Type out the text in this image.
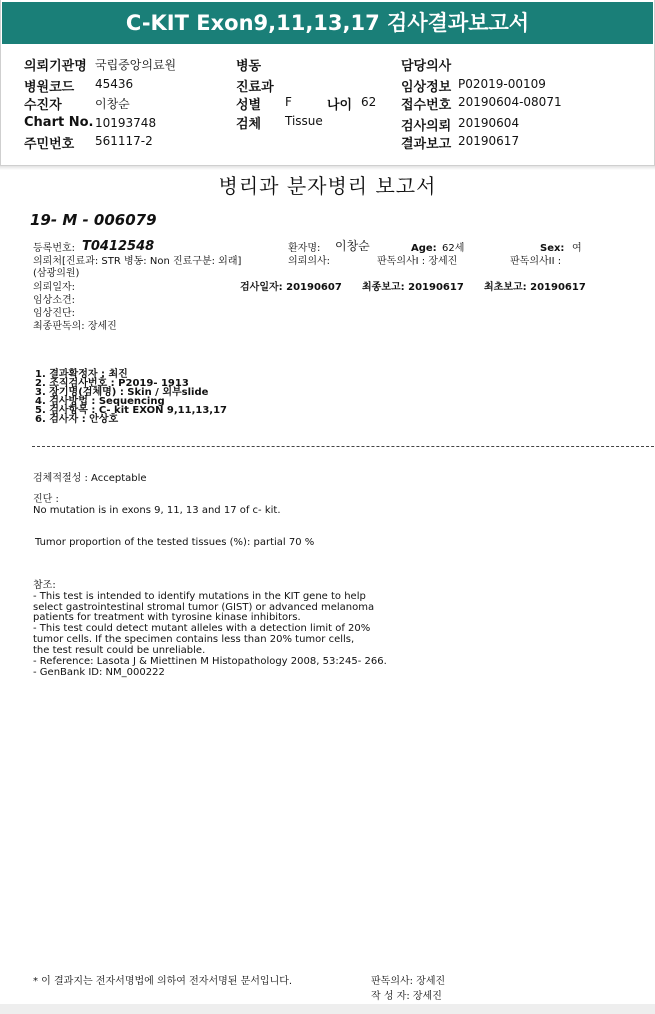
C-KIT Exon9,11,13,17 검사결과보고서
의뢰기관명 국립중앙의료원
병원코드 45436
수진자	이창순
Chart No. 10193748
주민번호 561117-2
병동
진료과
성별 F	나이 62
검체 Tissue
담당의사
임상정보 P02019-00109
접수번호 20190604-08071
검사의뢰 20190604
결과보고 20190617
병리과 분자병리 보고서
19- M - 006079
등록번호: T0412548	환자명: 이창순	Age: 62세	Sex: 여
의뢰처[진료과: STR 병동: Non 진료구분: 외래]	의뢰의사:	판독의사I : 장세진	판독의사II :
(삼광의원)
의뢰일자:	검사일자: 20190607 최종보고: 20190617 최초보고: 20190617
임상소견:
임상진단:
최종판독의: 장세진
1. 결과확정자 : 최진
2. 조직검사번호 : P2019- 1913
3. 장기명(검체명) : Skin / 외부slide
4. 검사방법 : Sequencing
5. 검사항목 : C- kit EXON 9,11,13,17
6. 검사자 : 안상호
검체적절성 : Acceptable
진단 :
No mutation is in exons 9, 11, 13 and 17 of c- kit.
Tumor proportion of the tested tissues (%): partial 70 %
참조:
- This test is intended to identify mutations in the KIT gene to help
select gastrointestinal stromal tumor (GIST) or advanced melanoma
patients for treatment with tyrosine kinase inhibitors.
- This test could detect mutant alleles with a detection limit of 20%
tumor cells. If the specimen contains less than 20% tumor cells,
the test result could be unreliable.
- Reference: Lasota J & Miettinen M Histopathology 2008, 53:245- 266.
- GenBank ID: NM_000222
* 이 결과지는 전자서명법에 의하여 전자서명된 문서입니다.	판독의사: 장세진
작 성 자: 장세진
